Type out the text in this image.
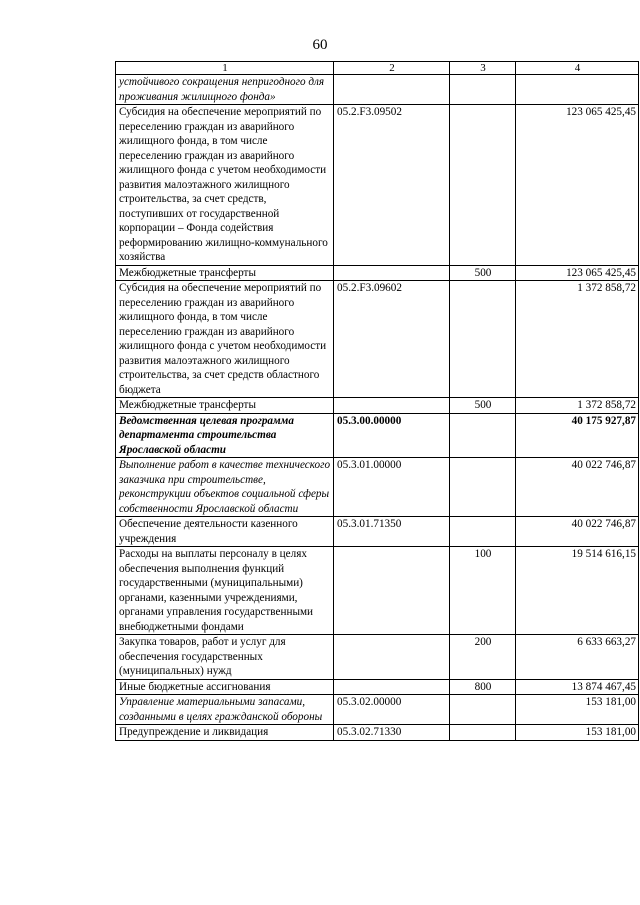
60
1	2	3	4
устойчивого сокращения непригодного для проживания жилищного фонда»			
Субсидия на обеспечение мероприятий по переселению граждан из аварийного жилищного фонда, в том числе переселению граждан из аварийного жилищного фонда с учетом необходимости развития малоэтажного жилищного строительства, за счет средств, поступивших от государственной корпорации – Фонда содействия реформированию жилищно-коммунального хозяйства	05.2.F3.09502		123 065 425,45
Межбюджетные трансферты		500	123 065 425,45
Субсидия на обеспечение мероприятий по переселению граждан из аварийного жилищного фонда, в том числе переселению граждан из аварийного жилищного фонда с учетом необходимости развития малоэтажного жилищного строительства, за счет средств областного бюджета	05.2.F3.09602		1 372 858,72
Межбюджетные трансферты		500	1 372 858,72
Ведомственная целевая программа департамента строительства Ярославской области	05.3.00.00000		40 175 927,87
Выполнение работ в качестве технического заказчика при строительстве, реконструкции объектов социальной сферы собственности Ярославской области	05.3.01.00000		40 022 746,87
Обеспечение деятельности казенного учреждения	05.3.01.71350		40 022 746,87
Расходы на выплаты персоналу в целях обеспечения выполнения функций государственными (муниципальными) органами, казенными учреждениями, органами управления государственными внебюджетными фондами		100	19 514 616,15
Закупка товаров, работ и услуг для обеспечения государственных (муниципальных) нужд		200	6 633 663,27
Иные бюджетные ассигнования		800	13 874 467,45
Управление материальными запасами, созданными в целях гражданской обороны	05.3.02.00000		153 181,00
Предупреждение и ликвидация	05.3.02.71330		153 181,00
